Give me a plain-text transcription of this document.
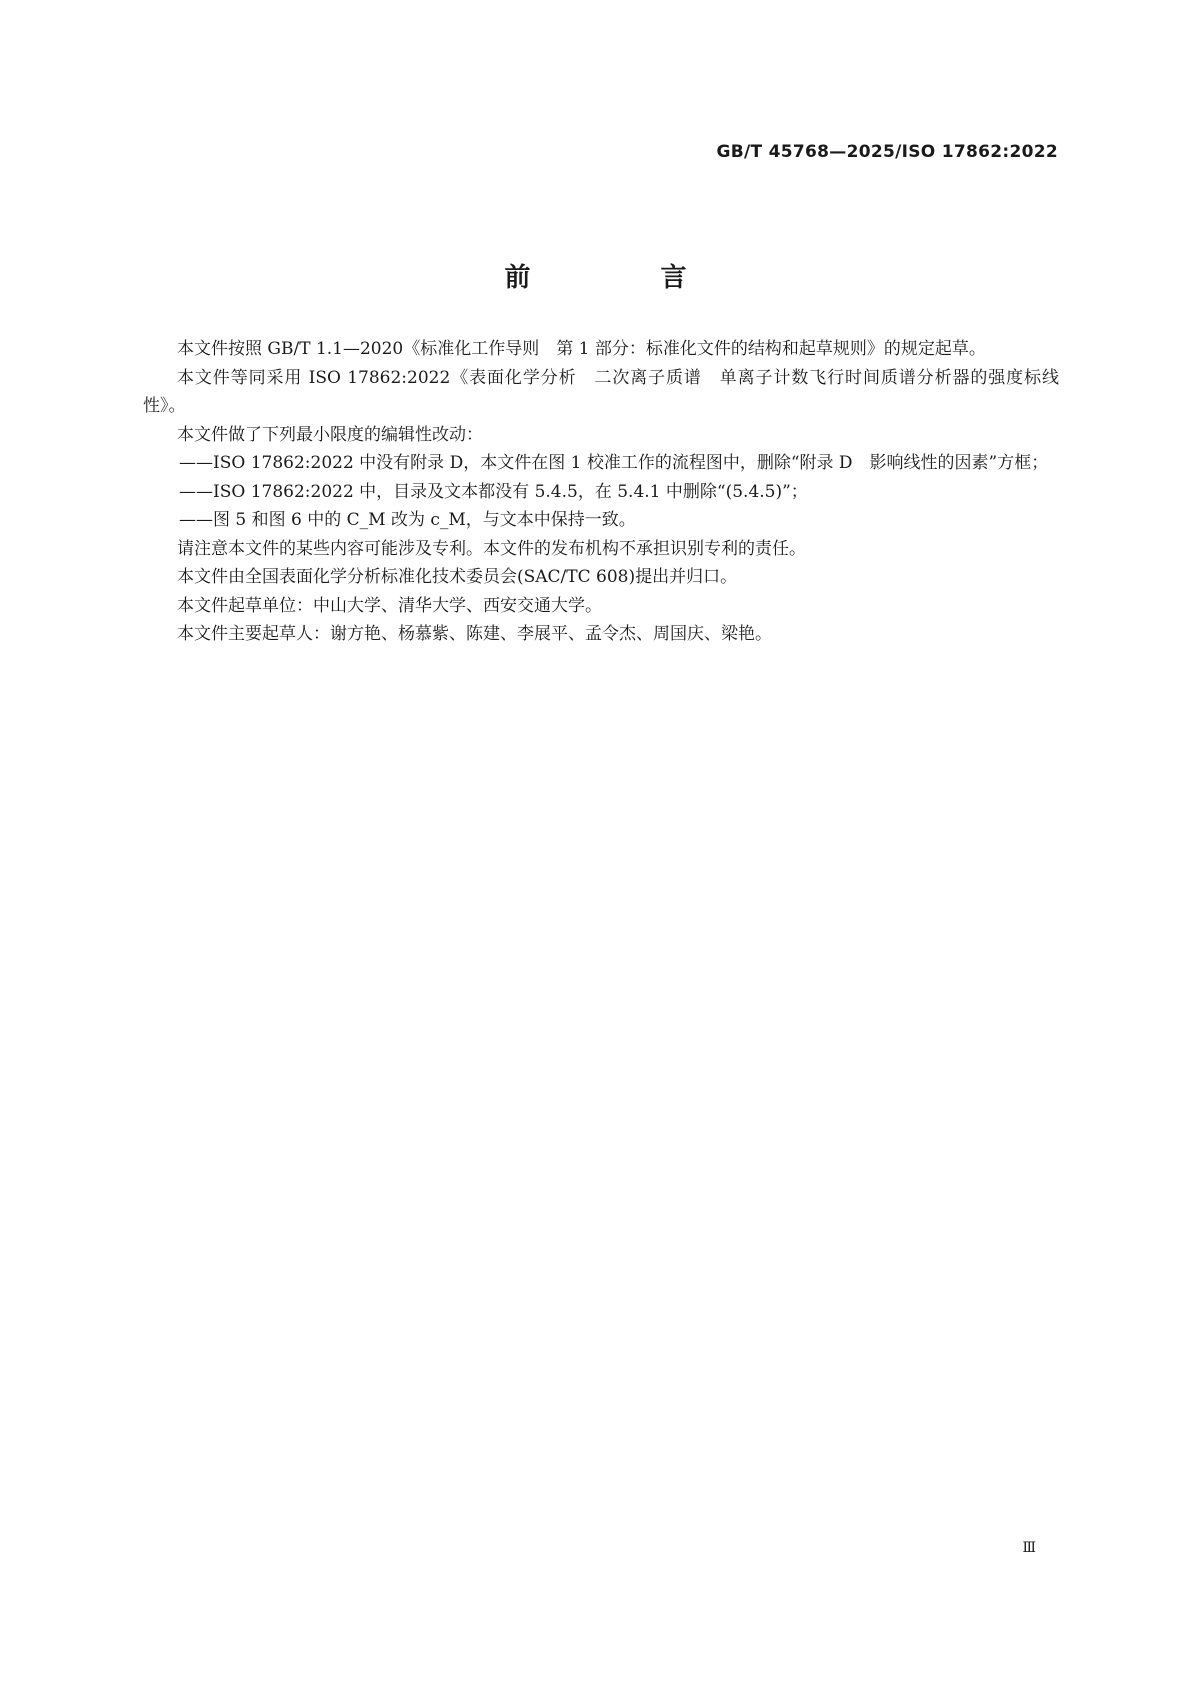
GB/T 45768—2025/ISO 17862:2022
前　言

本文件按照 GB/T 1.1—2020《标准化工作导则　第 1 部分：标准化文件的结构和起草规则》的规定起草。

本文件等同采用 ISO 17862:2022《表面化学分析　二次离子质谱　单离子计数飞行时间质谱分析器的强度标线性》。

本文件做了下列最小限度的编辑性改动：

——ISO 17862:2022 中没有附录 D，本文件在图 1 校准工作的流程图中，删除“附录 D　影响线性的因素”方框；

——ISO 17862:2022 中，目录及文本都没有 5.4.5，在 5.4.1 中删除“(5.4.5)”；

——图 5 和图 6 中的 C_M 改为 c_M，与文本中保持一致。

请注意本文件的某些内容可能涉及专利。本文件的发布机构不承担识别专利的责任。

本文件由全国表面化学分析标准化技术委员会(SAC/TC 608)提出并归口。

本文件起草单位：中山大学、清华大学、西安交通大学。

本文件主要起草人：谢方艳、杨慕紫、陈建、李展平、孟令杰、周国庆、梁艳。

Ⅲ
